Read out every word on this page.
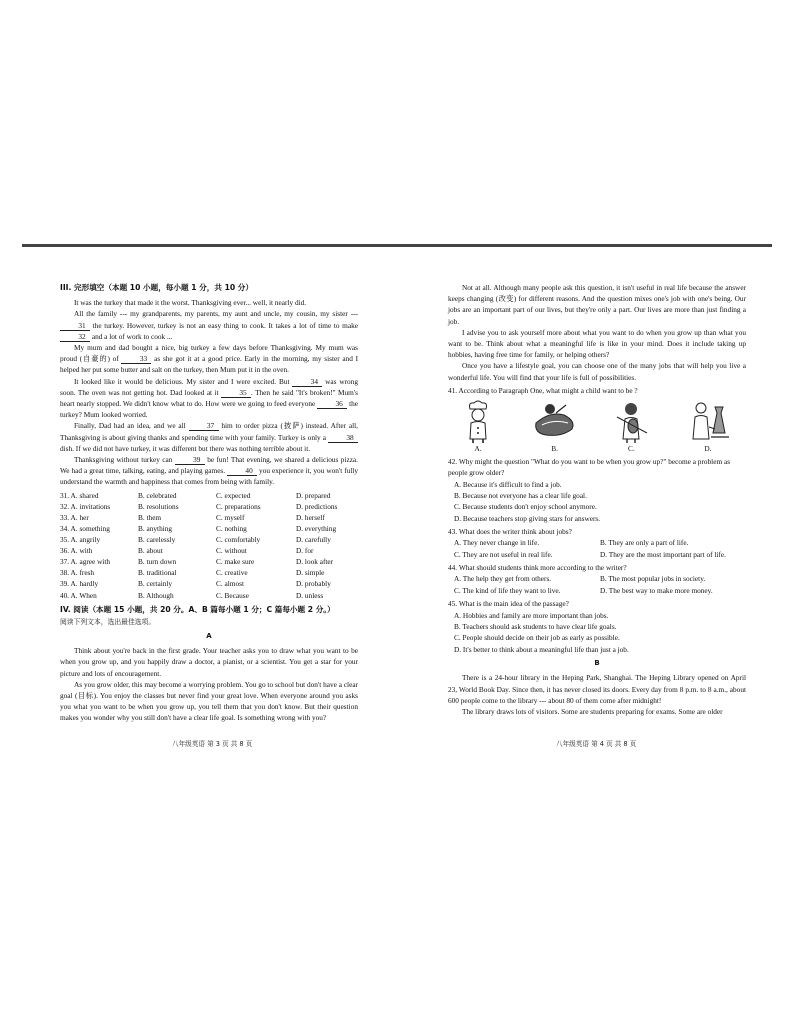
III. 完形填空（本题 10 小题，每小题 1 分，共 10 分）

It was the turkey that made it the worst. Thanksgiving ever... well, it nearly did.

All the family --- my grandparents, my parents, my aunt and uncle, my cousin, my sister --- 31 the turkey. However, turkey is not an easy thing to cook. It takes a lot of time to make 32 and a lot of work to cook ...

My mum and dad bought a nice, big turkey a few days before Thanksgiving. My mum was proud (自豪的) of	33 as she got it at a good price. Early in the morning, my sister and I helped her put some butter and salt on the turkey, then Mum put it in the oven.

It looked like it would be delicious. My sister and I were excited. But	34 was wrong soon. The oven was not getting hot. Dad looked at it	35 . Then he said "It's broken!" Mum's heart nearly stopped. We didn't know what to do. How were we going to feed everyone	36 the turkey? Mum looked worried.

Finally, Dad had an idea, and we all	37 him to order pizza (披萨) instead. After all, Thanksgiving is about giving thanks and spending time with your family. Turkey is only a	38 dish. If we did not have turkey, it was different but there was nothing terrible about it.

Thanksgiving without turkey can	39 be fun! That evening, we shared a delicious pizza. We had a great time, talking, eating, and playing games.	40 you experience it, you won't fully understand the warmth and happiness that comes from being with family.

31. A. shared	B. celebrated	C. expected	D. prepared
32. A. invitations	B. resolutions	C. preparations	D. predictions
33. A. her	B. them	C. myself	D. herself
34. A. something	B. anything	C. nothing	D. everything
35. A. angrily	B. carelessly	C. comfortably	D. carefully
36. A. with	B. about	C. without	D. for
37. A. agree with	B. turn down	C. make sure	D. look after
38. A. fresh	B. traditional	C. creative	D. simple
39. A. hardly	B. certainly	C. almost	D. probably
40. A. When	B. Although	C. Because	D. unless
IV. 阅读（本题 15 小题，共 20 分。A、B 篇每小题 1 分；C 篇每小题 2 分。）
阅读下列文本，选出最佳选项。
A

Think about you're back in the first grade. Your teacher asks you to draw what you want to be when you grow up, and you happily draw a doctor, a pianist, or a scientist. You get a star for your picture and lots of encouragement.

As you grow older, this may become a worrying problem. You go to school but don't have a clear goal (目标). You enjoy the classes but never find your great love. When everyone around you asks you what you want to be when you grow up, you tell them that you don't know. But their question makes you wonder why you still don't have a clear life goal. Is something wrong with you?

八年级英语 第 3 页 共 8 页

Not at all. Although many people ask this question, it isn't useful in real life because the answer keeps changing (改变) for different reasons. And the question mixes one's job with one's being. Our jobs are an important part of our lives, but they're only a part. Our lives are more than just finding a job.

I advise you to ask yourself more about what you want to do when you grow up than what you want to be. Think about what a meaningful life is like in your mind. Does it include taking up hobbies, having free time for family, or helping others?

Once you have a lifestyle goal, you can choose one of the many jobs that will help you live a wonderful life. You will find that your life is full of possibilities.

41. According to Paragraph One, what might a child want to be ?
A.	B.	C.	D.
42. Why might the question "What do you want to be when you grow up?" become a problem as people grow older?
A. Because it's difficult to find a job.
B. Because not everyone has a clear life goal.
C. Because students don't enjoy school anymore.
D. Because teachers stop giving stars for answers.
43. What does the writer think about jobs?
A. They never change in life.	B. They are only a part of life.
C. They are not useful in real life.	D. They are the most important part of life.
44. What should students think more according to the writer?
A. The help they get from others.	B. The most popular jobs in society.
C. The kind of life they want to live.	D. The best way to make more money.
45. What is the main idea of the passage?
A. Hobbies and family are more important than jobs.
B. Teachers should ask students to have clear life goals.
C. People should decide on their job as early as possible.
D. It's better to think about a meaningful life than just a job.
B

There is a 24-hour library in the Heping Park, Shanghai. The Heping Library opened on April 23, World Book Day. Since then, it has never closed its doors. Every day from 8 p.m. to 8 a.m., about 600 people come to the library --- about 80 of them come after midnight!

The library draws lots of visitors. Some are students preparing for exams. Some are older

八年级英语 第 4 页 共 8 页
